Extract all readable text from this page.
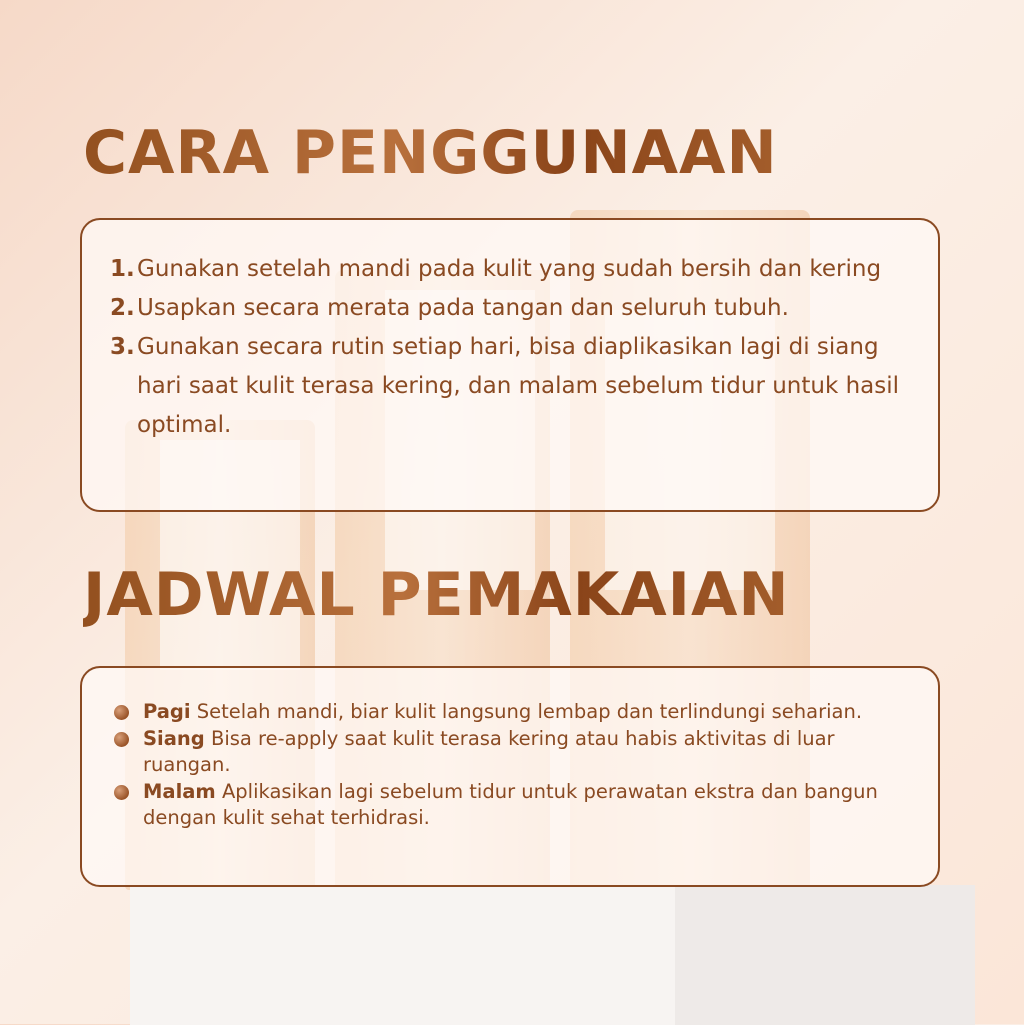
CARA PENGGUNAAN
1. Gunakan setelah mandi pada kulit yang sudah bersih dan kering
2. Usapkan secara merata pada tangan dan seluruh tubuh.
3. Gunakan secara rutin setiap hari, bisa diaplikasikan lagi di siang hari saat kulit terasa kering, dan malam sebelum tidur untuk hasil optimal.
JADWAL PEMAKAIAN
Pagi Setelah mandi, biar kulit langsung lembap dan terlindungi seharian.
Siang Bisa re-apply saat kulit terasa kering atau habis aktivitas di luar ruangan.
Malam Aplikasikan lagi sebelum tidur untuk perawatan ekstra dan bangun dengan kulit sehat terhidrasi.
